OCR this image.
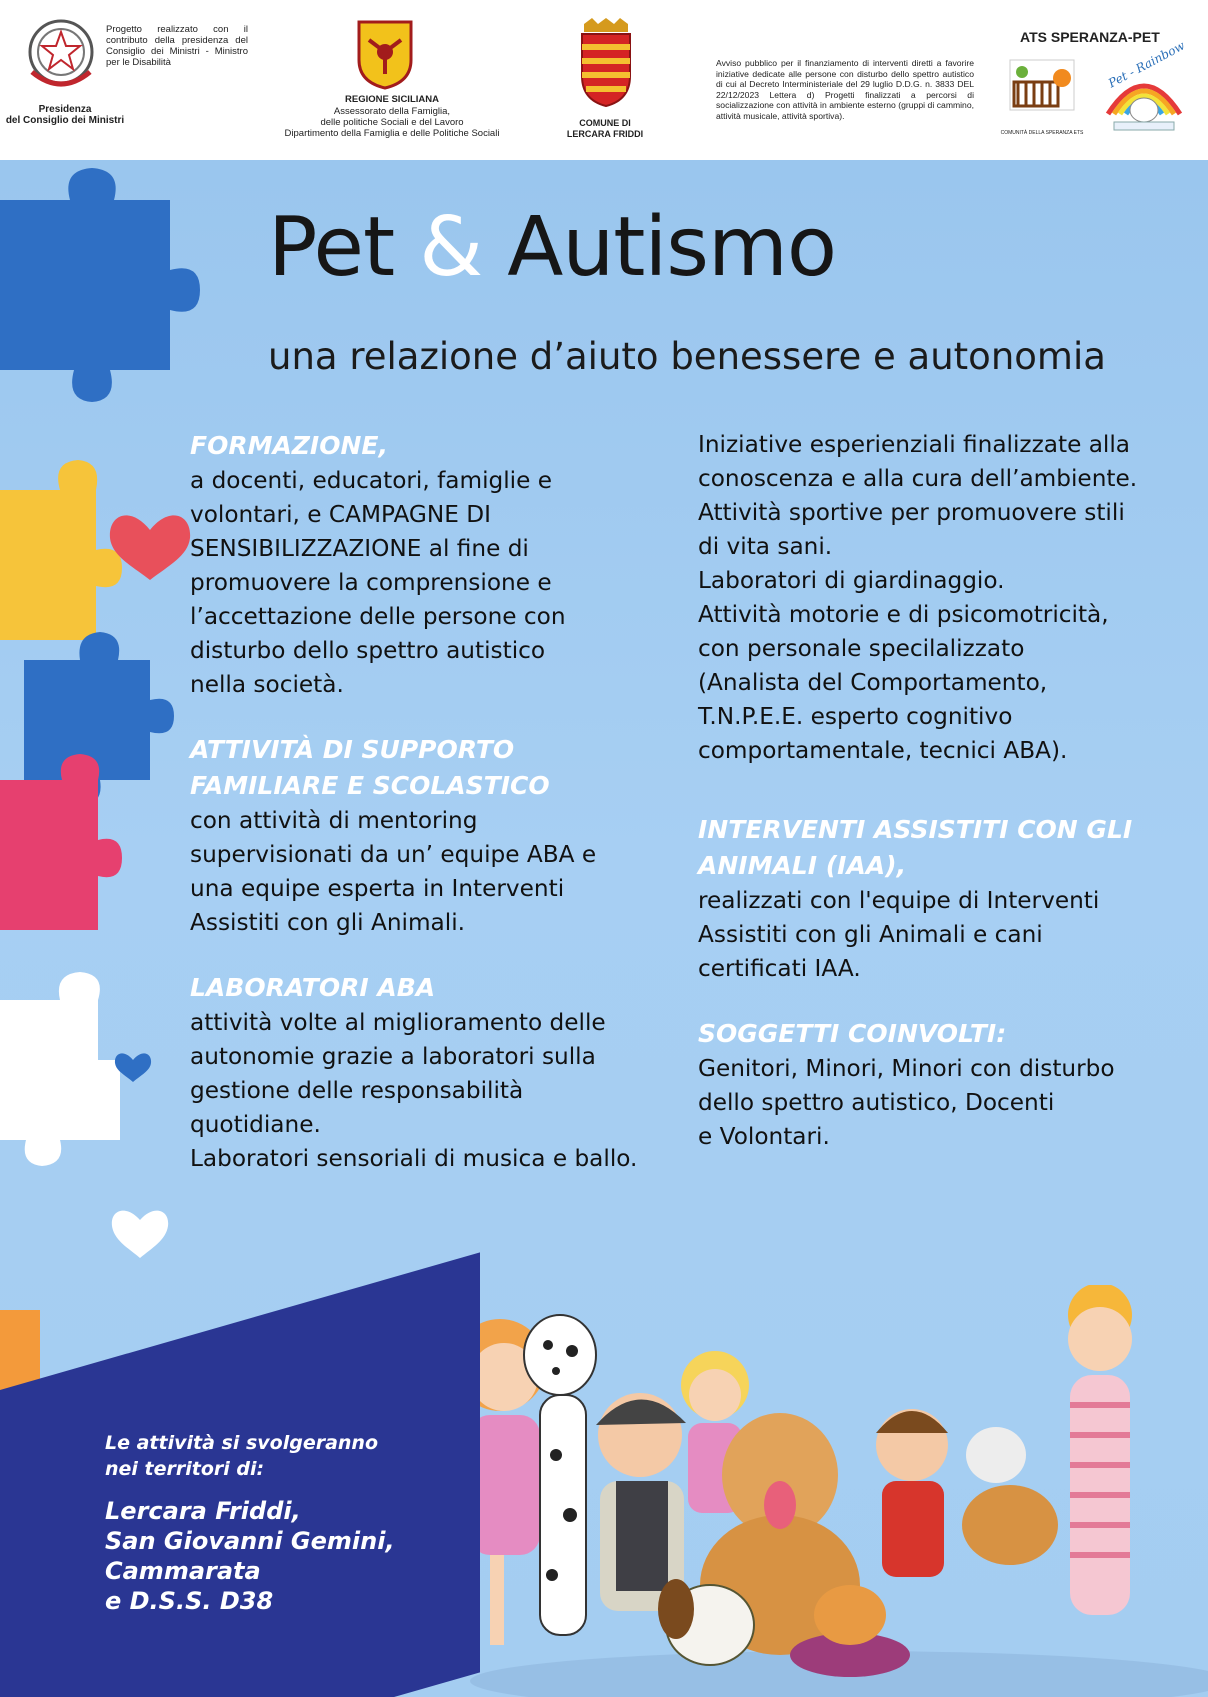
Presidenza
del Consiglio dei Ministri
Progetto realizzato con il contributo della presidenza del Consiglio dei Ministri - Ministro per le Disabilità
REGIONE SICILIANA
Assessorato della Famiglia,
delle politiche Sociali e del Lavoro
Dipartimento della Famiglia e delle Politiche Sociali
COMUNE DI
LERCARA FRIDDI
Avviso pubblico per il finanziamento di interventi diretti a favorire iniziative dedicate alle persone con disturbo dello spettro autistico di cui al Decreto Interministeriale del 29 luglio D.D.G. n. 3833 DEL 22/12/2023 Lettera d) Progetti finalizzati a percorsi di socializzazione con attività in ambiente esterno (gruppi di cammino, attività musicale, attività sportiva).
ATS SPERANZA-PET
COMUNITÀ DELLA SPERANZA ETS
Pet - Rainbow
Pet & Autismo
una relazione d’aiuto benessere e autonomia

FORMAZIONE,

a docenti, educatori, famiglie e
volontari, e CAMPAGNE DI
SENSIBILIZZAZIONE al fine di
promuovere la comprensione e
l’accettazione delle persone con
disturbo dello spettro autistico
nella società.

ATTIVITÀ DI SUPPORTO
FAMILIARE E SCOLASTICO

con attività di mentoring
supervisionati da un’ equipe ABA e
una equipe esperta in Interventi
Assistiti con gli Animali.

LABORATORI ABA

attività volte al miglioramento delle
autonomie grazie a laboratori sulla
gestione delle responsabilità
quotidiane.
Laboratori sensoriali di musica e ballo.

Iniziative esperienziali finalizzate alla
conoscenza e alla cura dell’ambiente.
Attività sportive per promuovere stili
di vita sani.
Laboratori di giardinaggio.
Attività motorie e di psicomotricità,
con personale specilalizzato
(Analista del Comportamento,
T.N.P.E.E. esperto cognitivo
comportamentale, tecnici ABA).

INTERVENTI ASSISTITI CON GLI
ANIMALI (IAA),

realizzati con l'equipe di Interventi
Assistiti con gli Animali e cani
certificati IAA.

SOGGETTI COINVOLTI:

Genitori, Minori, Minori con disturbo
dello spettro autistico, Docenti
e Volontari.

Le attività si svolgeranno
nei territori di:
Lercara Friddi,
San Giovanni Gemini,
Cammarata
e D.S.S. D38
